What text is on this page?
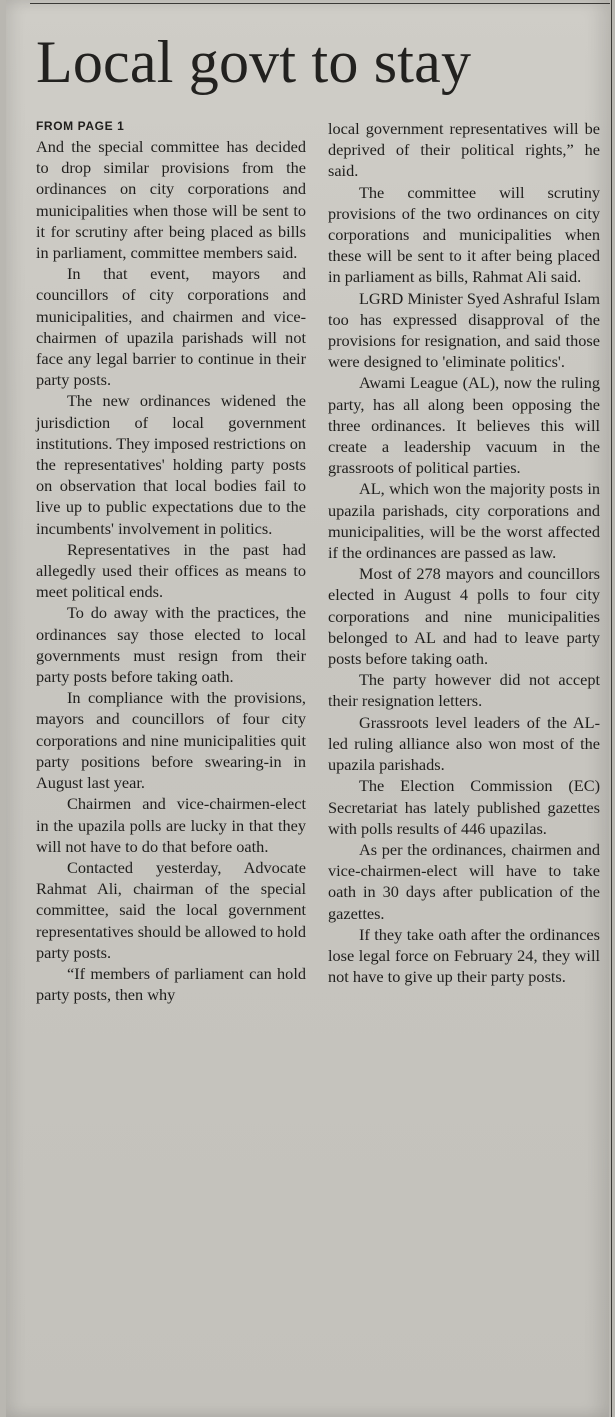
Local govt to stay
FROM PAGE 1

And the special committee has decided to drop similar provisions from the ordinances on city corporations and municipalities when those will be sent to it for scrutiny after being placed as bills in parliament, committee members said.

In that event, mayors and councillors of city corporations and municipalities, and chairmen and vice-chairmen of upazila parishads will not face any legal barrier to continue in their party posts.

The new ordinances widened the jurisdiction of local government institutions. They imposed restrictions on the representatives' holding party posts on observation that local bodies fail to live up to public expectations due to the incumbents' involvement in politics.

Representatives in the past had allegedly used their offices as means to meet political ends.

To do away with the practices, the ordinances say those elected to local governments must resign from their party posts before taking oath.

In compliance with the provisions, mayors and councillors of four city corporations and nine municipalities quit party positions before swearing-in in August last year.

Chairmen and vice-chairmen-elect in the upazila polls are lucky in that they will not have to do that before oath.

Contacted yesterday, Advocate Rahmat Ali, chairman of the special committee, said the local government representatives should be allowed to hold party posts.

“If members of parliament can hold party posts, then why

local government representatives will be deprived of their political rights,” he said.

The committee will scrutiny provisions of the two ordinances on city corporations and municipalities when these will be sent to it after being placed in parliament as bills, Rahmat Ali said.

LGRD Minister Syed Ashraful Islam too has expressed disapproval of the provisions for resignation, and said those were designed to 'eliminate politics'.

Awami League (AL), now the ruling party, has all along been opposing the three ordinances. It believes this will create a leadership vacuum in the grassroots of political parties.

AL, which won the majority posts in upazila parishads, city corporations and municipalities, will be the worst affected if the ordinances are passed as law.

Most of 278 mayors and councillors elected in August 4 polls to four city corporations and nine municipalities belonged to AL and had to leave party posts before taking oath.

The party however did not accept their resignation letters.

Grassroots level leaders of the AL-led ruling alliance also won most of the upazila parishads.

The Election Commission (EC) Secretariat has lately published gazettes with polls results of 446 upazilas.

As per the ordinances, chairmen and vice-chairmen-elect will have to take oath in 30 days after publication of the gazettes.

If they take oath after the ordinances lose legal force on February 24, they will not have to give up their party posts.
